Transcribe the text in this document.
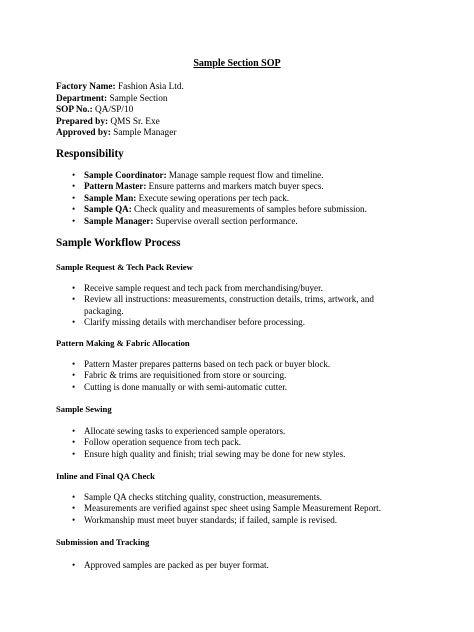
Sample Section SOP
Factory Name: Fashion Asia Ltd.
Department: Sample Section
SOP No.: QA/SP/10
Prepared by: QMS Sr. Exe
Approved by: Sample Manager
Responsibility
• Sample Coordinator: Manage sample request flow and timeline.
• Pattern Master: Ensure patterns and markers match buyer specs.
• Sample Man: Execute sewing operations per tech pack.
• Sample QA: Check quality and measurements of samples before submission.
• Sample Manager: Supervise overall section performance.
Sample Workflow Process
Sample Request & Tech Pack Review
• Receive sample request and tech pack from merchandising/buyer.
• Review all instructions: measurements, construction details, trims, artwork, and packaging.
• Clarify missing details with merchandiser before processing.
Pattern Making & Fabric Allocation
• Pattern Master prepares patterns based on tech pack or buyer block.
• Fabric & trims are requisitioned from store or sourcing.
• Cutting is done manually or with semi-automatic cutter.
Sample Sewing
• Allocate sewing tasks to experienced sample operators.
• Follow operation sequence from tech pack.
• Ensure high quality and finish; trial sewing may be done for new styles.
Inline and Final QA Check
• Sample QA checks stitching quality, construction, measurements.
• Measurements are verified against spec sheet using Sample Measurement Report.
• Workmanship must meet buyer standards; if failed, sample is revised.
Submission and Tracking
• Approved samples are packed as per buyer format.
